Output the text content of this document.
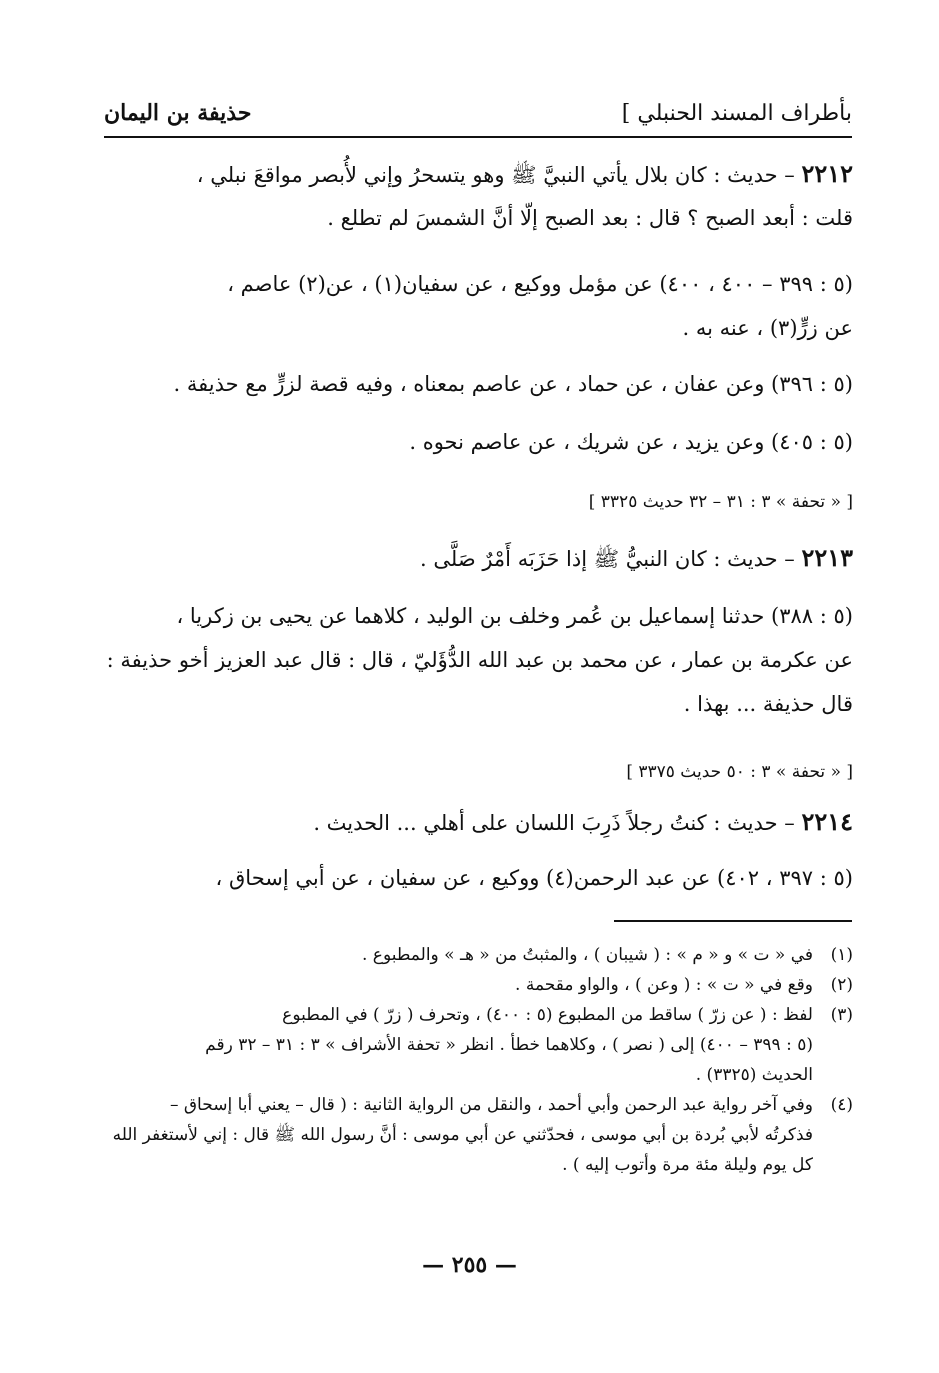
بأطراف المسند الحنبلي ]
حذيفة بن اليمان
٢٢١٢ – حديث : كان بلال يأتي النبيَّ ﷺ وهو يتسحرُ وإني لأُبصر مواقعَ نبلي ،
قلت : أبعد الصبح ؟ قال : بعد الصبح إلّا أنَّ الشمسَ لم تطلع .
(٥ : ٣٩٩ – ٤٠٠ ، ٤٠٠) عن مؤمل ووكيع ، عن سفيان(١) ، عن(٢) عاصم ،
عن زرٍّ(٣) ، عنه به .
(٥ : ٣٩٦) وعن عفان ، عن حماد ، عن عاصم بمعناه ، وفيه قصة لزرٍّ مع حذيفة .
(٥ : ٤٠٥) وعن يزيد ، عن شريك ، عن عاصم نحوه .
[ « تحفة » ٣ : ٣١ – ٣٢ حديث ٣٣٢٥ ]
٢٢١٣ – حديث : كان النبيُّ ﷺ إذا حَزَبَه أَمْرٌ صَلَّى .
(٥ : ٣٨٨) حدثنا إسماعيل بن عُمر وخلف بن الوليد ، كلاهما عن يحيى بن زكريا ،
عن عكرمة بن عمار ، عن محمد بن عبد الله الدُّؤَليّ ، قال : قال عبد العزيز أخو حذيفة :
قال حذيفة ... بهذا .
[ « تحفة » ٣ : ٥٠ حديث ٣٣٧٥ ]
٢٢١٤ – حديث : كنتُ رجلاً ذَرِبَ اللسان على أهلي ... الحديث .
(٥ : ٣٩٧ ، ٤٠٢) عن عبد الرحمن(٤) ووكيع ، عن سفيان ، عن أبي إسحاق ،
(١)
في « ت » و « م » : ( شيبان ) ، والمثبتُ من « هـ » والمطبوع .
(٢)
وقع في « ت » : ( وعن ) ، والواو مقحمة .
(٣)
لفظ : ( عن زرّ ) ساقط من المطبوع (٥ : ٤٠٠) ، وتحرف ( زرّ ) في المطبوع
(٥ : ٣٩٩ – ٤٠٠) إلى ( نصر ) ، وكلاهما خطأ . انظر « تحفة الأشراف » ٣ : ٣١ – ٣٢ رقم
الحديث (٣٣٢٥) .
(٤)
وفي آخر رواية عبد الرحمن وأبي أحمد ، والنقل من الرواية الثانية : ( قال – يعني أبا إسحاق –
فذكرتُه لأبي بُردة بن أبي موسى ، فحدّثني عن أبي موسى : أنَّ رسول الله ﷺ قال : إني لأستغفر الله
كل يوم وليلة مئة مرة وأتوب إليه ) .
— ٢٥٥ —
